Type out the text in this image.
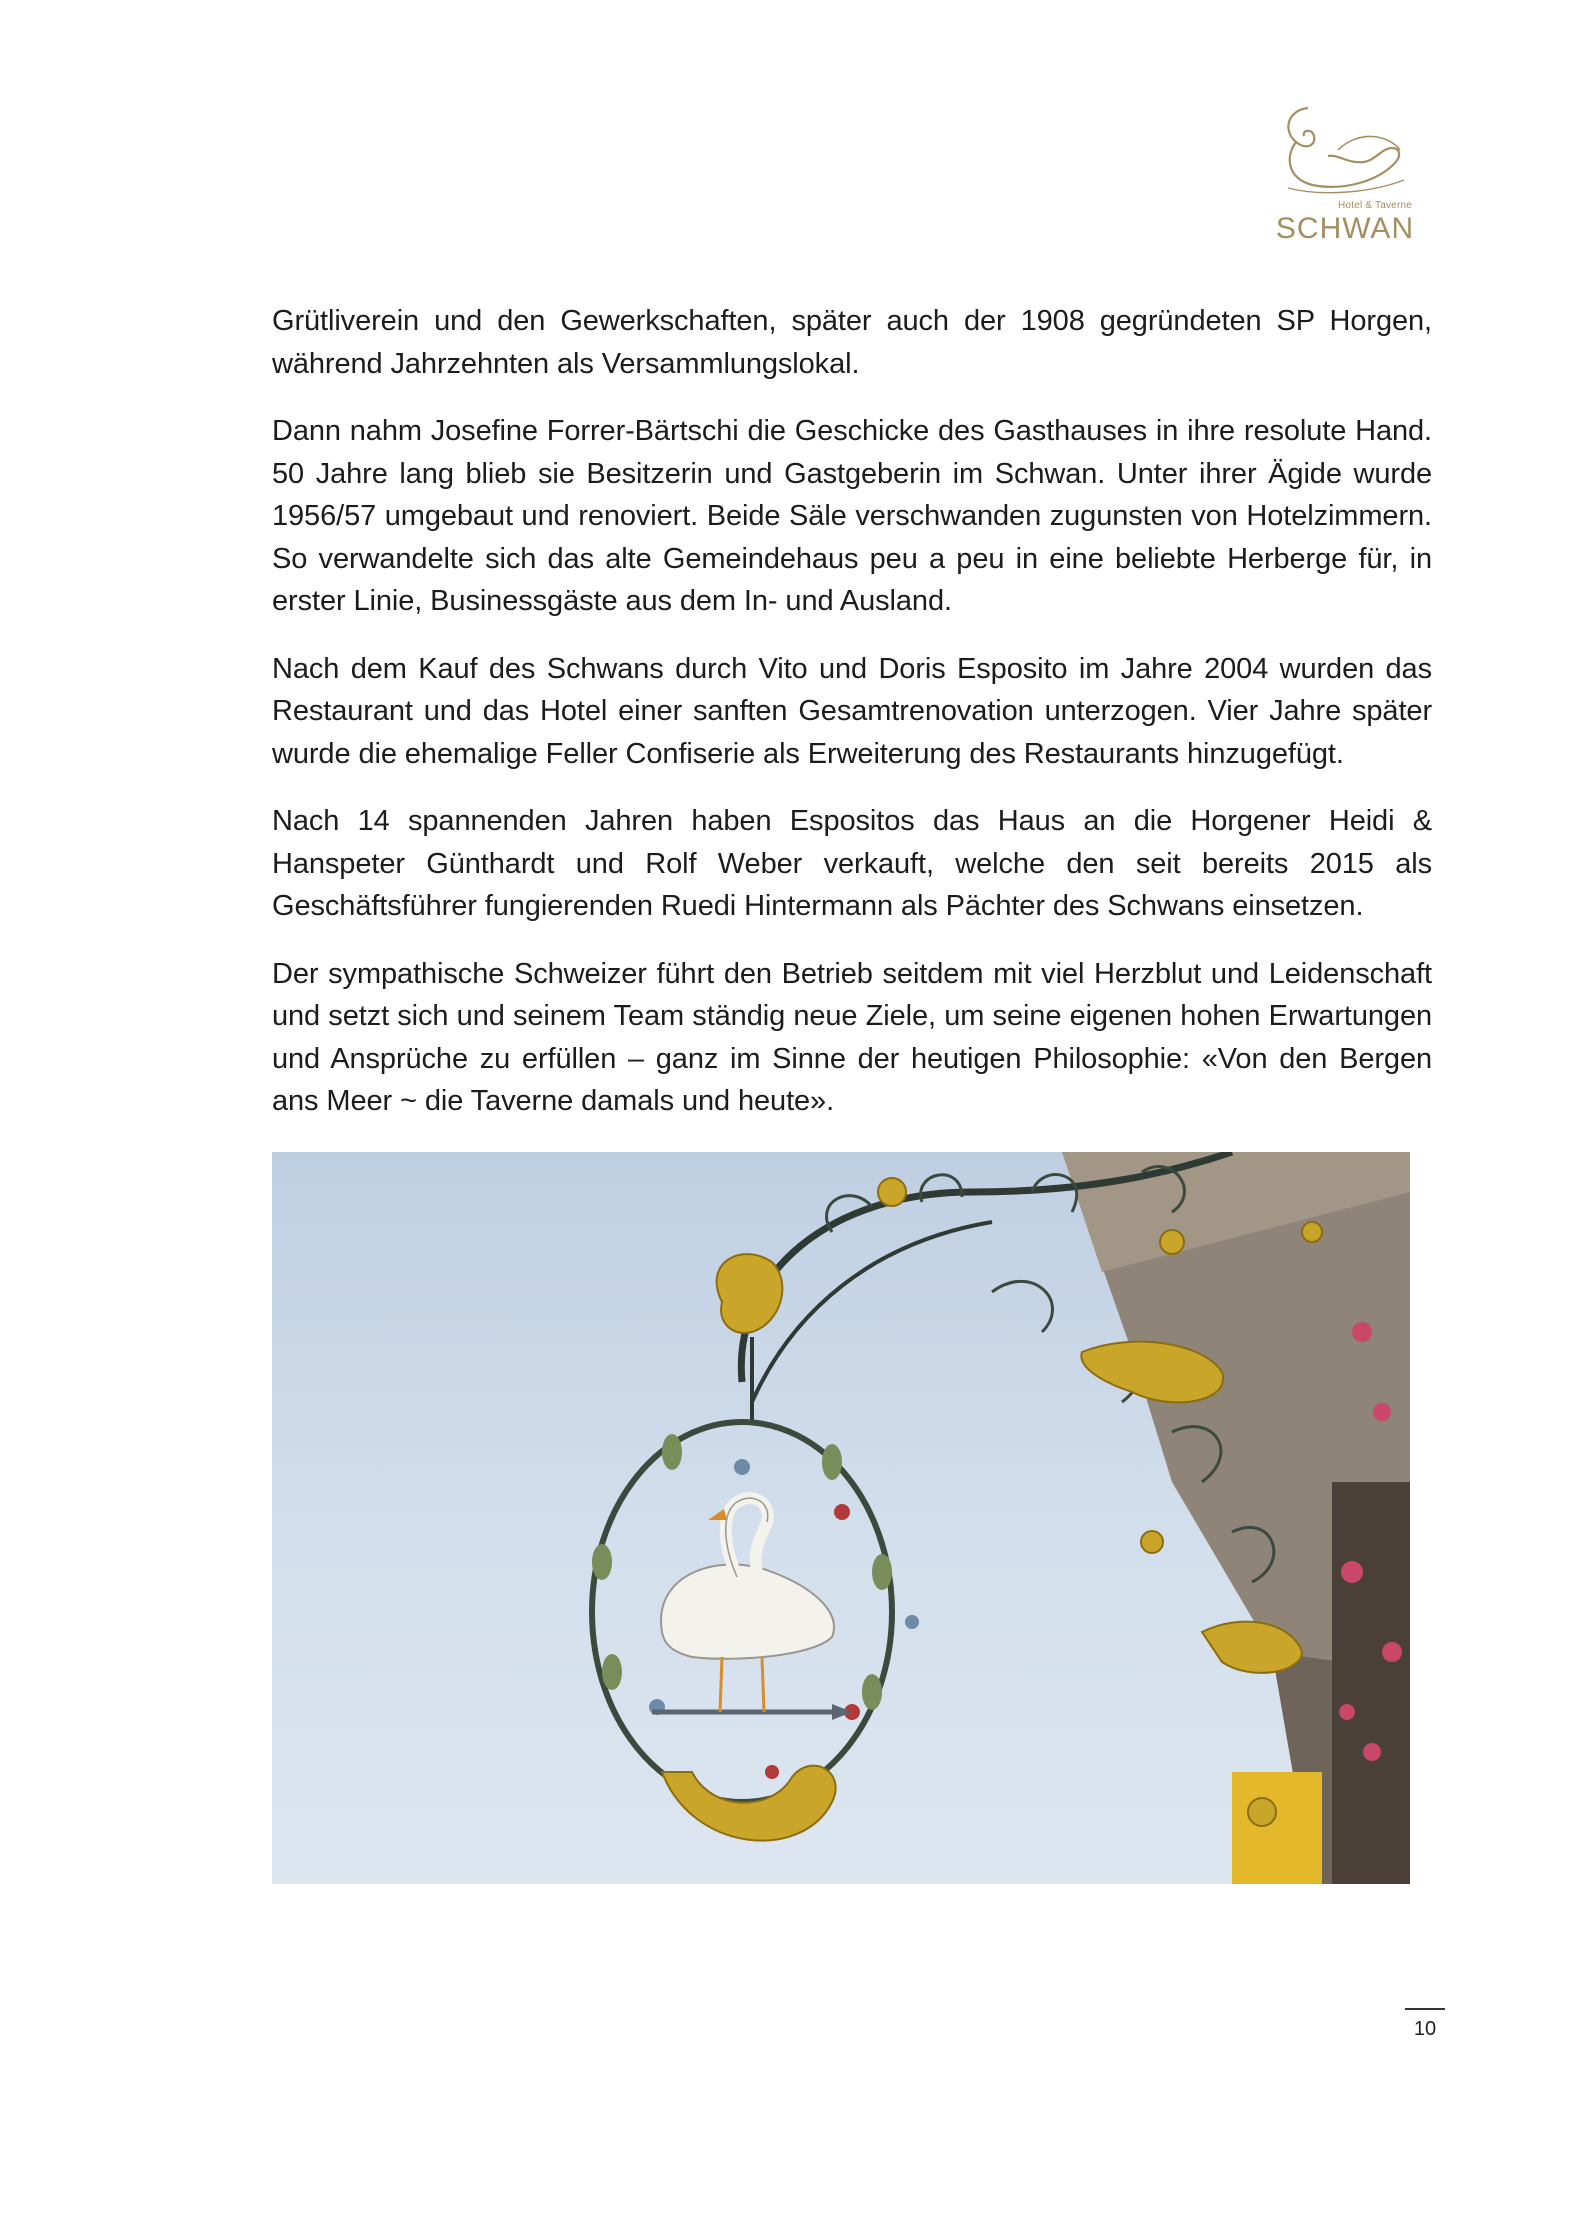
Hotel & Taverne
SCHWAN

Grütliverein und den Gewerkschaften, später auch der 1908 gegründeten SP Horgen, während Jahrzehnten als Versammlungslokal.

Dann nahm Josefine Forrer-Bärtschi die Geschicke des Gasthauses in ihre resolute Hand. 50 Jahre lang blieb sie Besitzerin und Gastgeberin im Schwan. Unter ihrer Ägide wurde 1956/57 umgebaut und renoviert. Beide Säle verschwanden zugunsten von Hotelzimmern. So verwandelte sich das alte Gemeindehaus peu a peu in eine beliebte Herberge für, in erster Linie, Businessgäste aus dem In- und Ausland.

Nach dem Kauf des Schwans durch Vito und Doris Esposito im Jahre 2004 wurden das Restaurant und das Hotel einer sanften Gesamtrenovation unterzogen. Vier Jahre später wurde die ehemalige Feller Confiserie als Erweiterung des Restaurants hinzugefügt.

Nach 14 spannenden Jahren haben Espositos das Haus an die Horgener Heidi & Hanspeter Günthardt und Rolf Weber verkauft, welche den seit bereits 2015 als Geschäftsführer fungierenden Ruedi Hintermann als Pächter des Schwans einsetzen.

Der sympathische Schweizer führt den Betrieb seitdem mit viel Herzblut und Leidenschaft und setzt sich und seinem Team ständig neue Ziele, um seine eigenen hohen Erwartungen und Ansprüche zu erfüllen – ganz im Sinne der heutigen Philosophie: «Von den Bergen ans Meer ~ die Taverne damals und heute».

10
